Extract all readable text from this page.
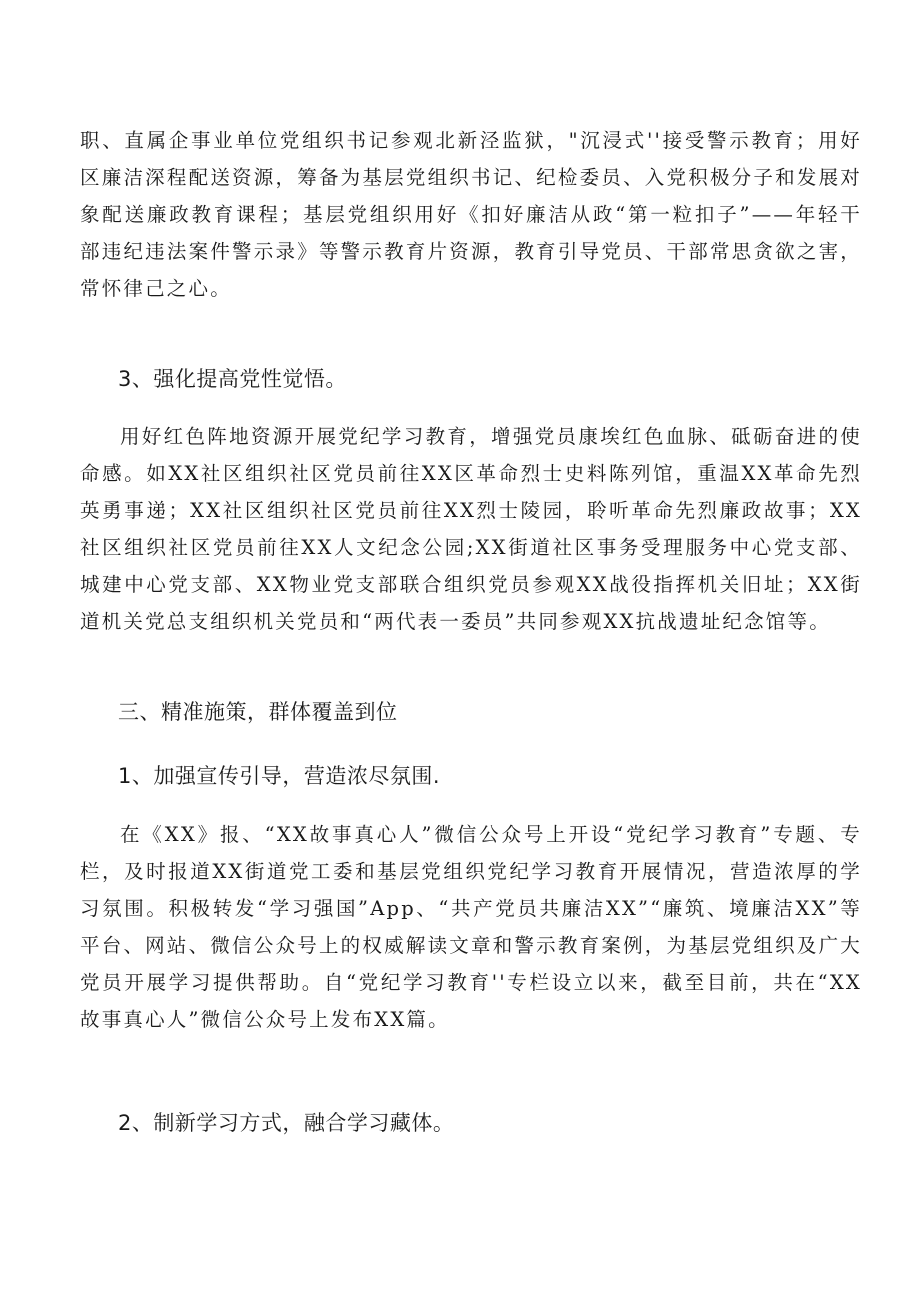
职、直属企事业单位党组织书记参观北新泾监狱，"沉浸式''接受警示教育；用好区廉洁深程配送资源，筹备为基层党组织书记、纪检委员、入党积极分子和发展对象配送廉政教育课程；基层党组织用好《扣好廉洁从政“第一粒扣子”——年轻干部违纪违法案件警示录》等警示教育片资源，教育引导党员、干部常思贪欲之害，常怀律己之心。

3、强化提高党性觉悟。

用好红色阵地资源开展党纪学习教育，增强党员康埃红色血脉、砥砺奋进的使命感。如XX社区组织社区党员前往XX区革命烈士史料陈列馆，重温XX革命先烈英勇事递；XX社区组织社区党员前往XX烈士陵园，聆听革命先烈廉政故事；XX社区组织社区党员前往XX人文纪念公园;XX街道社区事务受理服务中心党支部、城建中心党支部、XX物业党支部联合组织党员参观XX战役指挥机关旧址；XX街道机关党总支组织机关党员和“两代表一委员”共同参观XX抗战遗址纪念馆等。

三、精准施策，群体覆盖到位
1、加强宣传引导，营造浓尽氛围.

在《XX》报、“XX故事真心人”微信公众号上开设“党纪学习教育”专题、专栏，及时报道XX街道党工委和基层党组织党纪学习教育开展情况，营造浓厚的学习氛围。积极转发“学习强国”App、“共产党员共廉洁XX”“廉筑、境廉洁XX”等平台、网站、微信公众号上的权威解读文章和警示教育案例，为基层党组织及广大党员开展学习提供帮助。自“党纪学习教育''专栏设立以来，截至目前，共在“XX故事真心人”微信公众号上发布XX篇。

2、制新学习方式，融合学习藏体。
